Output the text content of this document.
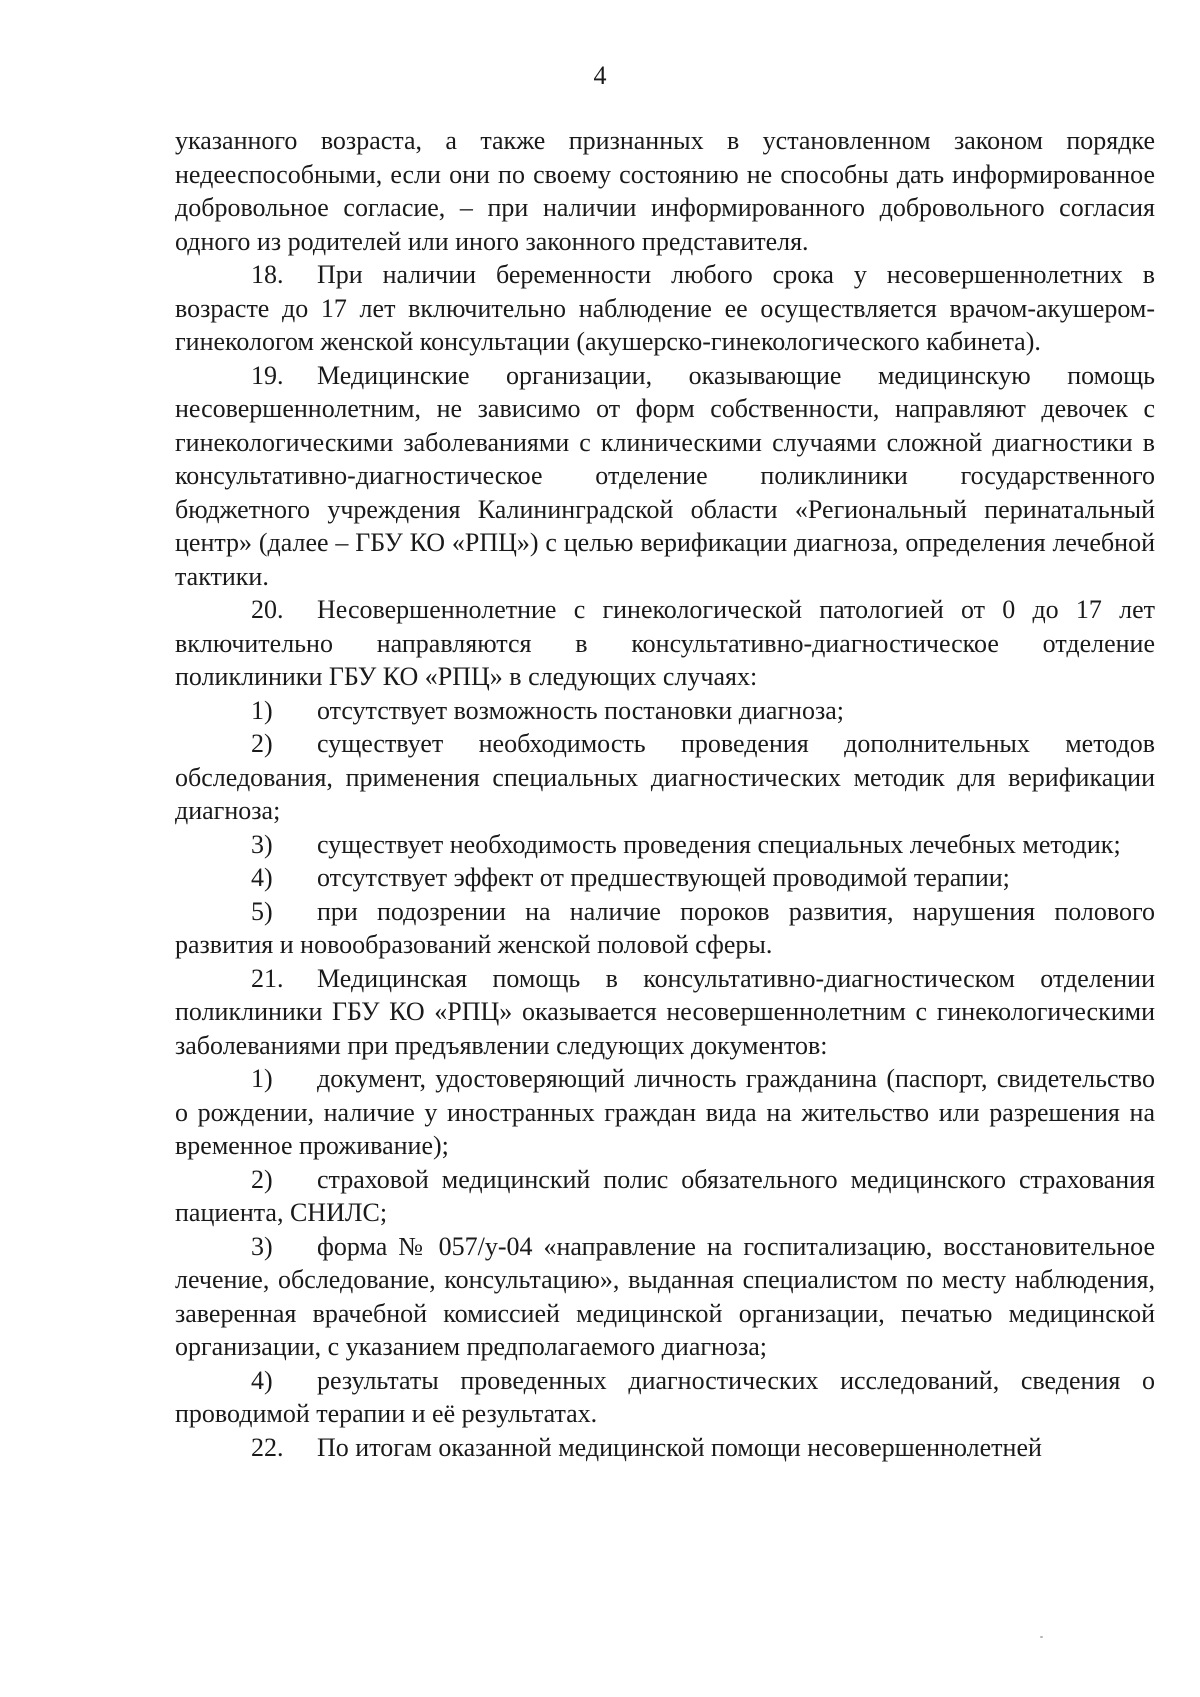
4

указанного возраста, а также признанных в установленном законом порядке недееспособными, если они по своему состоянию не способны дать информированное добровольное согласие, – при наличии информированного добровольного согласия одного из родителей или иного законного представителя.

18. При наличии беременности любого срока у несовершеннолетних в возрасте до 17 лет включительно наблюдение ее осуществляется врачом-акушером-гинекологом женской консультации (акушерско-гинекологического кабинета).

19. Медицинские организации, оказывающие медицинскую помощь несовершеннолетним, не зависимо от форм собственности, направляют девочек с гинекологическими заболеваниями с клиническими случаями сложной диагностики в консультативно-диагностическое отделение поликлиники государственного бюджетного учреждения Калининградской области «Региональный перинатальный центр» (далее – ГБУ КО «РПЦ») с целью верификации диагноза, определения лечебной тактики.

20. Несовершеннолетние с гинекологической патологией от 0 до 17 лет включительно направляются в консультативно-диагностическое отделение поликлиники ГБУ КО «РПЦ» в следующих случаях:

1) отсутствует возможность постановки диагноза;

2) существует необходимость проведения дополнительных методов обследования, применения специальных диагностических методик для верификации диагноза;

3) существует необходимость проведения специальных лечебных методик;

4) отсутствует эффект от предшествующей проводимой терапии;

5) при подозрении на наличие пороков развития, нарушения полового развития и новообразований женской половой сферы.

21. Медицинская помощь в консультативно-диагностическом отделении поликлиники ГБУ КО «РПЦ» оказывается несовершеннолетним с гинекологическими заболеваниями при предъявлении следующих документов:

1) документ, удостоверяющий личность гражданина (паспорт, свидетельство о рождении, наличие у иностранных граждан вида на жительство или разрешения на временное проживание);

2) страховой медицинский полис обязательного медицинского страхования пациента, СНИЛС;

3) форма № 057/у-04 «направление на госпитализацию, восстановительное лечение, обследование, консультацию», выданная специалистом по месту наблюдения, заверенная врачебной комиссией медицинской организации, печатью медицинской организации, с указанием предполагаемого диагноза;

4) результаты проведенных диагностических исследований, сведения о проводимой терапии и её результатах.

22. По итогам оказанной медицинской помощи несовершеннолетней
